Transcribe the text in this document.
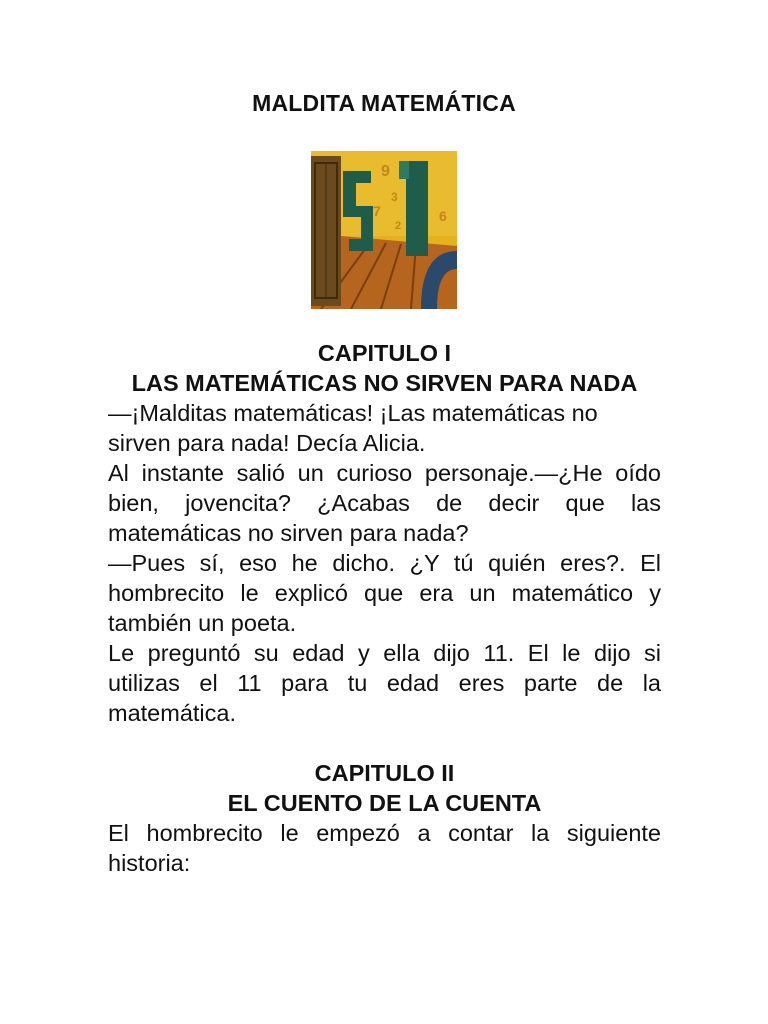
MALDITA MATEMÁTICA
9
7
3
6
2
CAPITULO I
LAS MATEMÁTICAS NO SIRVEN PARA NADA

—¡Malditas matemáticas! ¡Las matemáticas no sirven para nada! Decía Alicia.

Al instante salió un curioso personaje.—¿He oído bien, jovencita? ¿Acabas de decir que las matemáticas no sirven para nada?

—Pues sí, eso he dicho. ¿Y tú quién eres?. El hombrecito le explicó que era un matemático y también un poeta.

Le preguntó su edad y ella dijo 11. El le dijo si utilizas el 11 para tu edad eres parte de la matemática.

CAPITULO II
EL CUENTO DE LA CUENTA

El hombrecito le empezó a contar la siguiente historia:
